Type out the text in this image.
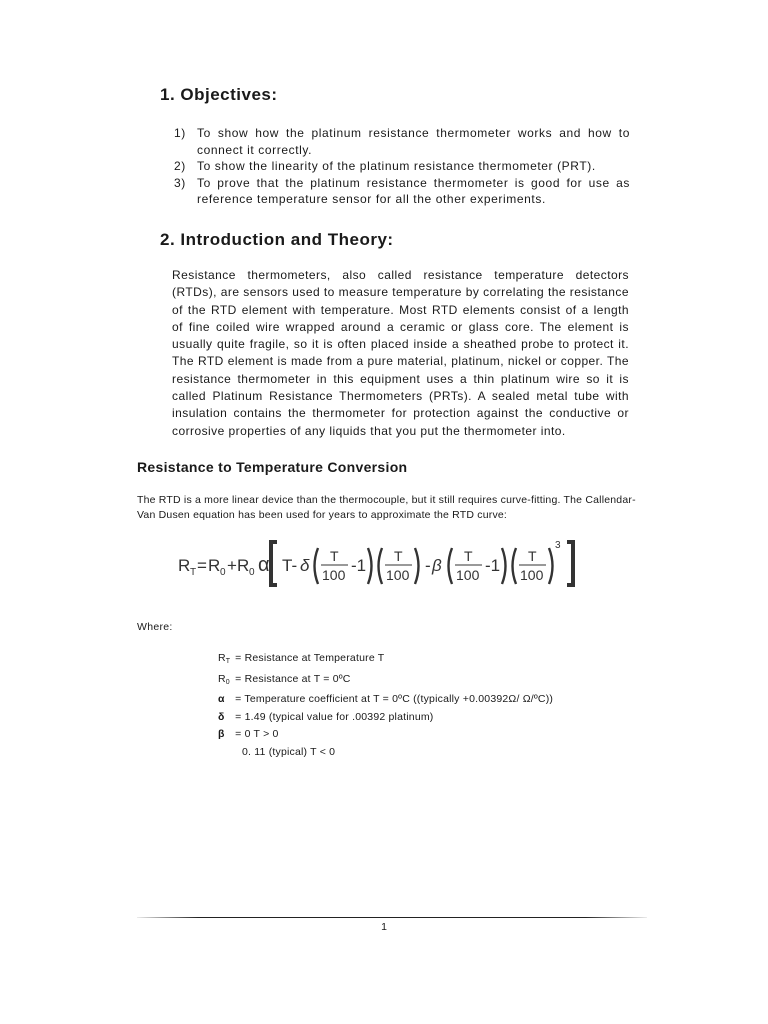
1. Objectives:
1) To show how the platinum resistance thermometer works and how to connect it correctly.
2) To show the linearity of the platinum resistance thermometer (PRT).
3) To prove that the platinum resistance thermometer is good for use as reference temperature sensor for all the other experiments.
2. Introduction and Theory:

Resistance thermometers, also called resistance temperature detectors (RTDs), are sensors used to measure temperature by correlating the resistance of the RTD element with temperature. Most RTD elements consist of a length of fine coiled wire wrapped around a ceramic or glass core. The element is usually quite fragile, so it is often placed inside a sheathed probe to protect it. The RTD element is made from a pure material, platinum, nickel or copper. The resistance thermometer in this equipment uses a thin platinum wire so it is called Platinum Resistance Thermometers (PRTs). A sealed metal tube with insulation contains the thermometer for protection against the conductive or corrosive properties of any liquids that you put the thermometer into.

Resistance to Temperature Conversion

The RTD is a more linear device than the thermocouple, but it still requires curve-fitting. The Callendar-Van Dusen equation has been used for years to approximate the RTD curve:

R T = R 0 + R 0 α T- δ T
100 -1 T
100 - β T
100 -1 T
100
3

Where:

$R_T$ = Resistance at Temperature T
$R_0$ = Resistance at T = 0ºC
α = Temperature coefficient at T = 0ºC ((typically +0.00392Ω/ Ω/ºC))
δ = 1.49 (typical value for .00392 platinum)
β = 0 T > 0
0. 11 (typical) T < 0
1
